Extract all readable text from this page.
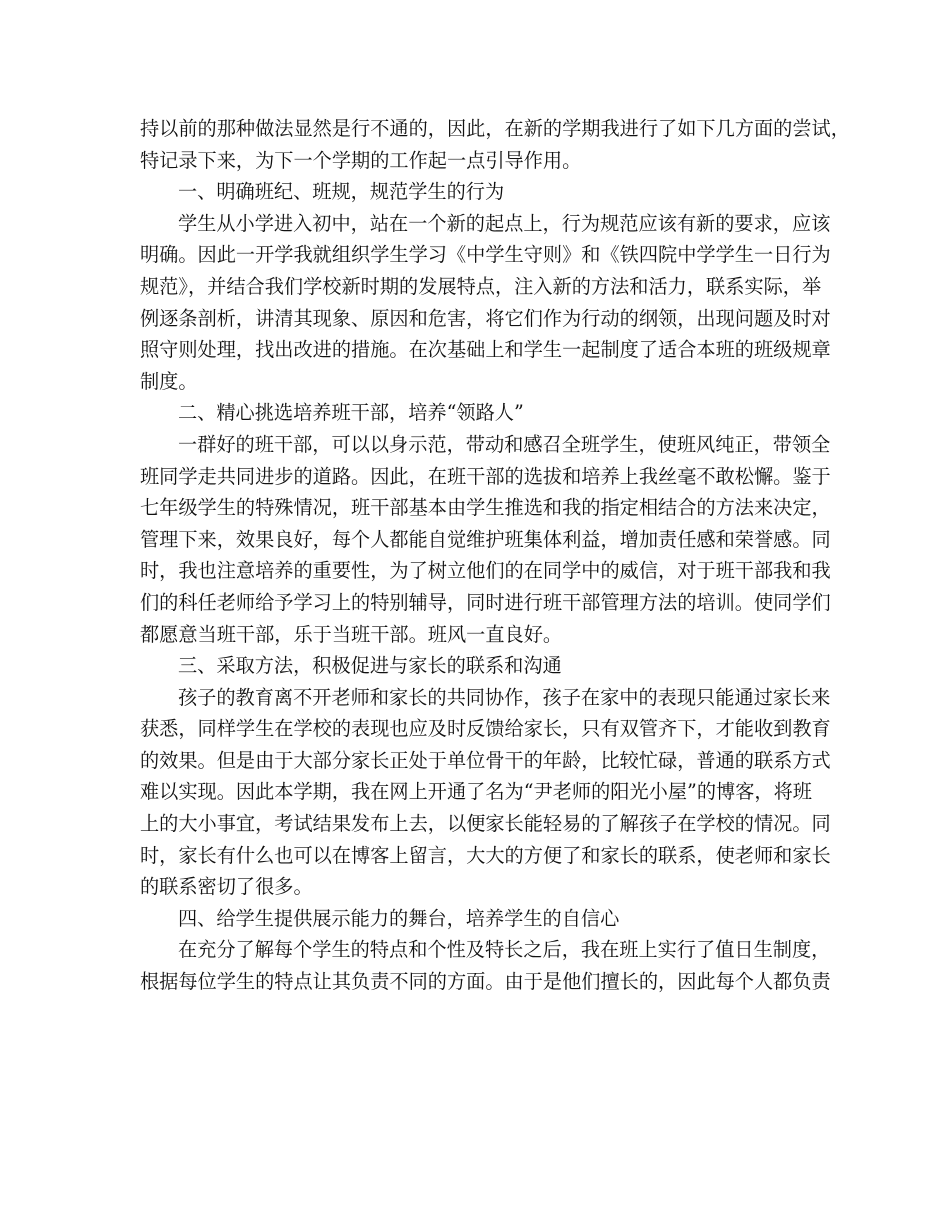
持以前的那种做法显然是行不通的，因此，在新的学期我进行了如下几方面的尝试，
特记录下来，为下一个学期的工作起一点引导作用。
一、明确班纪、班规，规范学生的行为
学生从小学进入初中，站在一个新的起点上，行为规范应该有新的要求，应该
明确。因此一开学我就组织学生学习《中学生守则》和《铁四院中学学生一日行为
规范》，并结合我们学校新时期的发展特点，注入新的方法和活力，联系实际，举
例逐条剖析，讲清其现象、原因和危害，将它们作为行动的纲领，出现问题及时对
照守则处理，找出改进的措施。在次基础上和学生一起制度了适合本班的班级规章
制度。
二、精心挑选培养班干部，培养“领路人”
一群好的班干部，可以以身示范，带动和感召全班学生，使班风纯正，带领全
班同学走共同进步的道路。因此，在班干部的选拔和培养上我丝毫不敢松懈。鉴于
七年级学生的特殊情况，班干部基本由学生推选和我的指定相结合的方法来决定，
管理下来，效果良好，每个人都能自觉维护班集体利益，增加责任感和荣誉感。同
时，我也注意培养的重要性，为了树立他们的在同学中的威信，对于班干部我和我
们的科任老师给予学习上的特别辅导，同时进行班干部管理方法的培训。使同学们
都愿意当班干部，乐于当班干部。班风一直良好。
三、采取方法，积极促进与家长的联系和沟通
孩子的教育离不开老师和家长的共同协作，孩子在家中的表现只能通过家长来
获悉，同样学生在学校的表现也应及时反馈给家长，只有双管齐下，才能收到教育
的效果。但是由于大部分家长正处于单位骨干的年龄，比较忙碌，普通的联系方式
难以实现。因此本学期，我在网上开通了名为“尹老师的阳光小屋”的博客，将班
上的大小事宜，考试结果发布上去，以便家长能轻易的了解孩子在学校的情况。同
时，家长有什么也可以在博客上留言，大大的方便了和家长的联系，使老师和家长
的联系密切了很多。
四、给学生提供展示能力的舞台，培养学生的自信心
在充分了解每个学生的特点和个性及特长之后，我在班上实行了值日生制度，
根据每位学生的特点让其负责不同的方面。由于是他们擅长的，因此每个人都负责
